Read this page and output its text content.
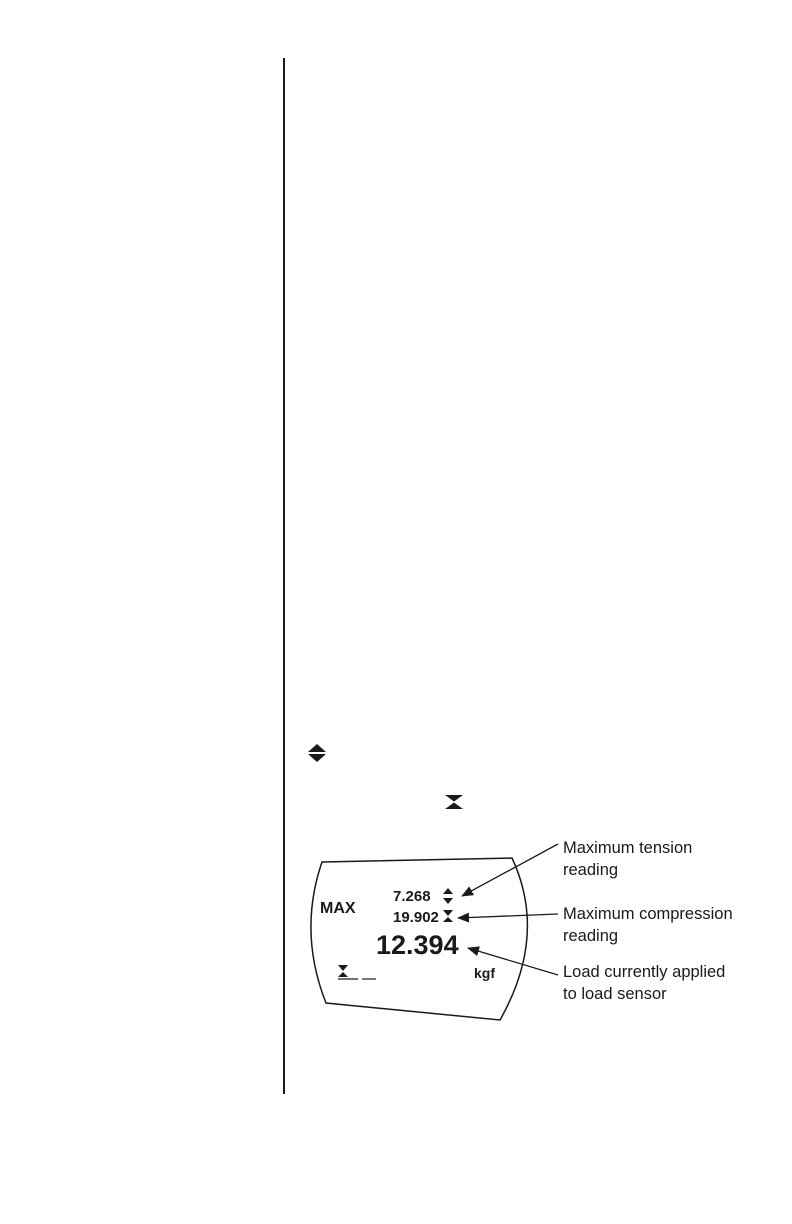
MAX
7.268
19.902
12.394
kgf
Maximum tension
reading
Maximum compression
reading
Load currently applied
to load sensor
